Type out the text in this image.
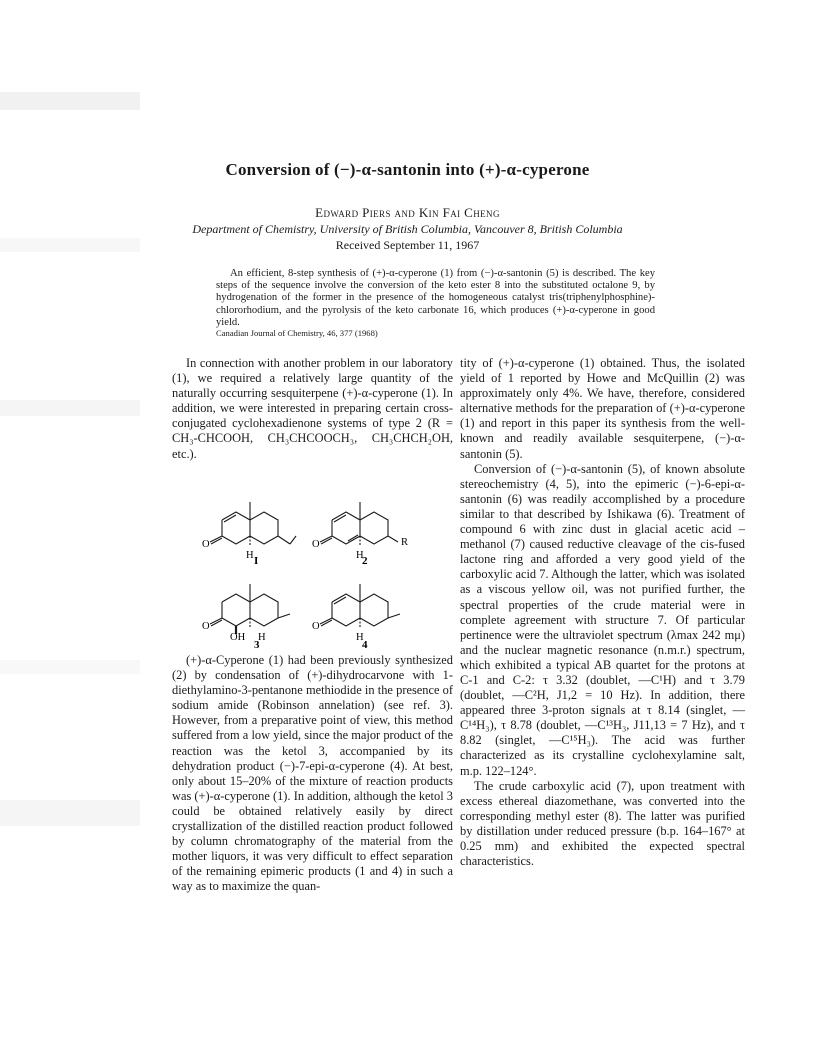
Conversion of (−)-α-santonin into (+)-α-cyperone
Edward Piers and Kin Fai Cheng
Department of Chemistry, University of British Columbia, Vancouver 8, British Columbia
Received September 11, 1967
An efficient, 8-step synthesis of (+)-α-cyperone (1) from (−)-α-santonin (5) is described. The key steps of the sequence involve the conversion of the keto ester 8 into the substituted octalone 9, by hydrogenation of the former in the presence of the homogeneous catalyst tris(triphenylphosphine)-chlororhodium, and the pyrolysis of the keto carbonate 16, which produces (+)-α-cyperone in good yield.
Canadian Journal of Chemistry, 46, 377 (1968)

In connection with another problem in our laboratory (1), we required a relatively large quantity of the naturally occurring sesquiterpene (+)-α-cyperone (1). In addition, we were interested in preparing certain cross-conjugated cyclohexadienone systems of type 2 (R = CH₃-CHCOOH, CH₃CHCOOCH₃, CH₃CHCH₂OH, etc.).

O
H
O
H
R
O
OH H
O
H
I	2
3	4

(+)-α-Cyperone (1) had been previously synthesized (2) by condensation of (+)-dihydrocarvone with 1-diethylamino-3-pentanone methiodide in the presence of sodium amide (Robinson annelation) (see ref. 3). However, from a preparative point of view, this method suffered from a low yield, since the major product of the reaction was the ketol 3, accompanied by its dehydration product (−)-7-epi-α-cyperone (4). At best, only about 15–20% of the mixture of reaction products was (+)-α-cyperone (1). In addition, although the ketol 3 could be obtained relatively easily by direct crystallization of the distilled reaction product followed by column chromatography of the material from the mother liquors, it was very difficult to effect separation of the remaining epimeric products (1 and 4) in such a way as to maximize the quan-

tity of (+)-α-cyperone (1) obtained. Thus, the isolated yield of 1 reported by Howe and McQuillin (2) was approximately only 4%. We have, therefore, considered alternative methods for the preparation of (+)-α-cyperone (1) and report in this paper its synthesis from the well-known and readily available sesquiterpene, (−)-α-santonin (5).

Conversion of (−)-α-santonin (5), of known absolute stereochemistry (4, 5), into the epimeric (−)-6-epi-α-santonin (6) was readily accomplished by a procedure similar to that described by Ishikawa (6). Treatment of compound 6 with zinc dust in glacial acetic acid – methanol (7) caused reductive cleavage of the cis-fused lactone ring and afforded a very good yield of the carboxylic acid 7. Although the latter, which was isolated as a viscous yellow oil, was not purified further, the spectral properties of the crude material were in complete agreement with structure 7. Of particular pertinence were the ultraviolet spectrum (λmax 242 mμ) and the nuclear magnetic resonance (n.m.r.) spectrum, which exhibited a typical AB quartet for the protons at C-1 and C-2: τ 3.32 (doublet, —C¹H) and τ 3.79 (doublet, —C²H, J1,2 = 10 Hz). In addition, there appeared three 3-proton signals at τ 8.14 (singlet, —C¹⁴H₃), τ 8.78 (doublet, —C¹³H₃, J11,13 = 7 Hz), and τ 8.82 (singlet, —C¹⁵H₃). The acid was further characterized as its crystalline cyclohexylamine salt, m.p. 122–124°.

The crude carboxylic acid (7), upon treatment with excess ethereal diazomethane, was converted into the corresponding methyl ester (8). The latter was purified by distillation under reduced pressure (b.p. 164–167° at 0.25 mm) and exhibited the expected spectral characteristics.
